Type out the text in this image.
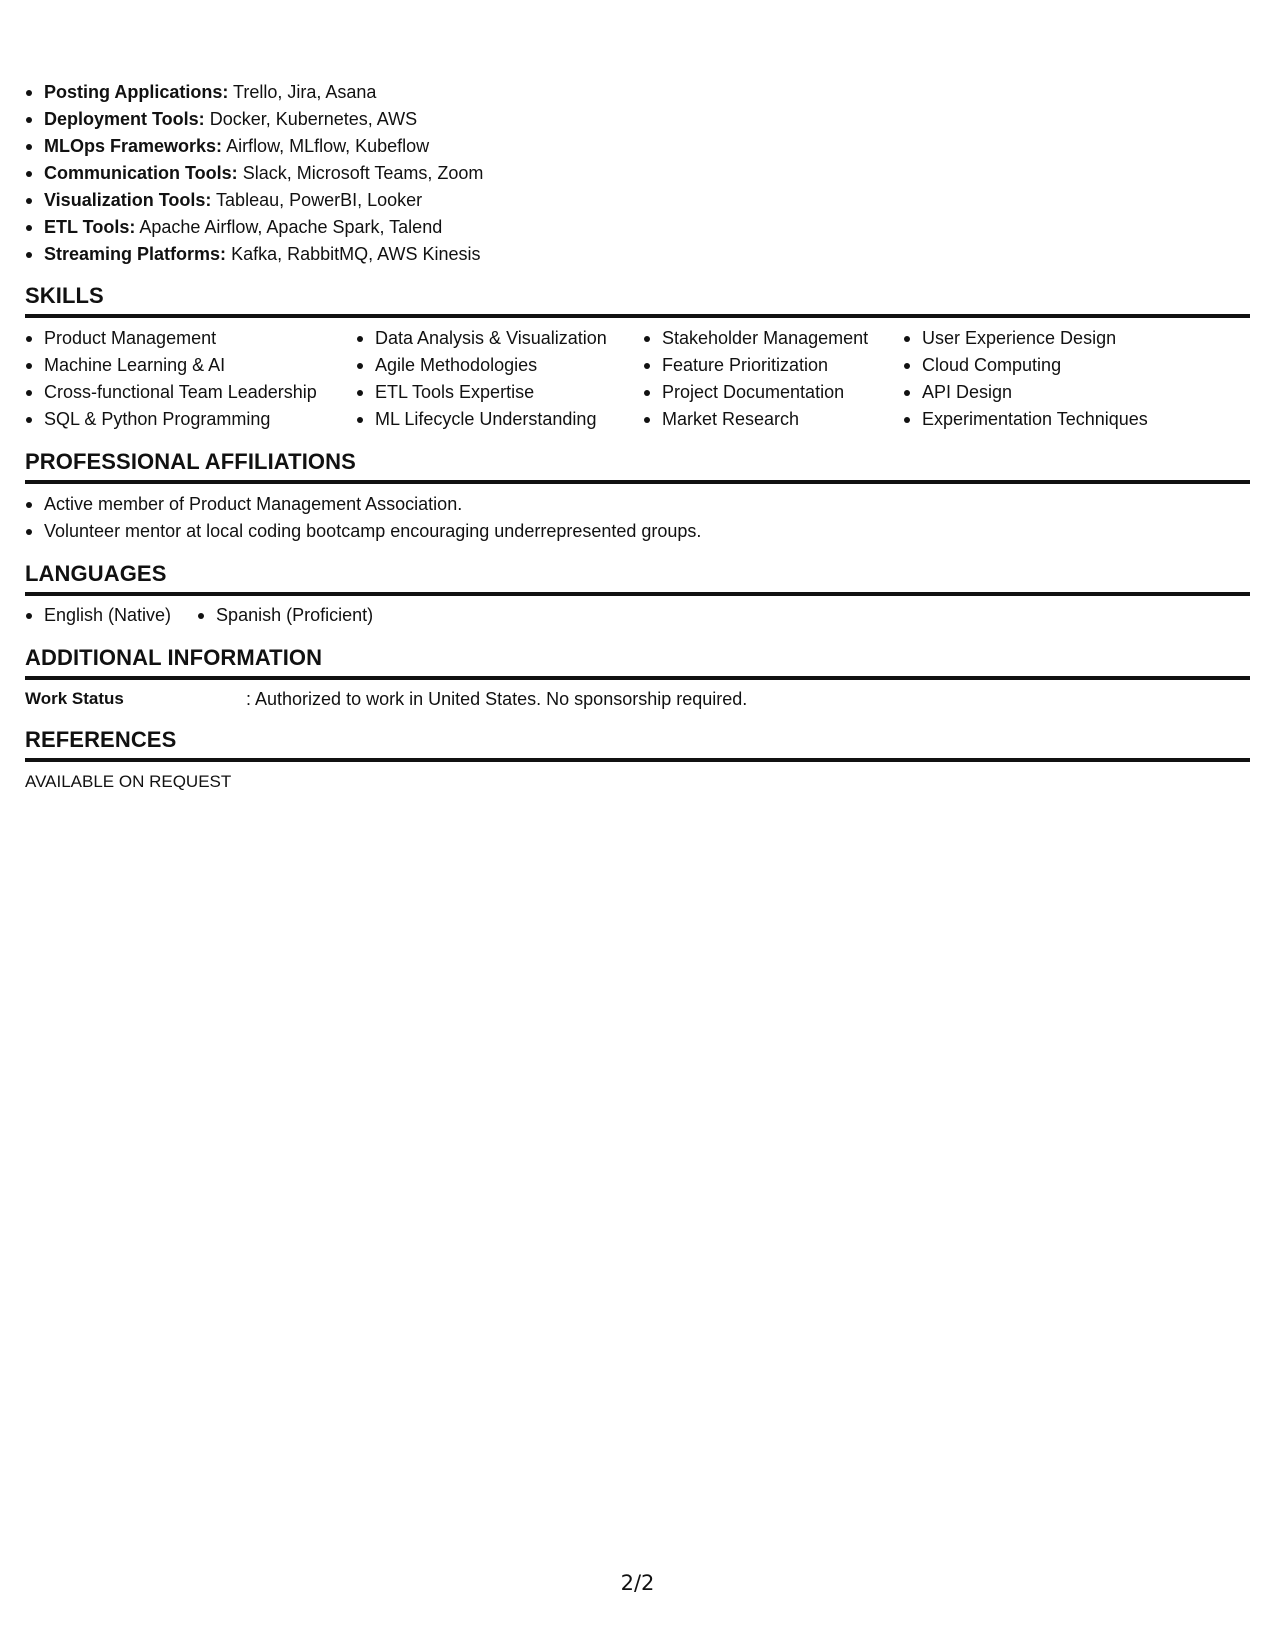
Posting Applications: Trello, Jira, Asana
Deployment Tools: Docker, Kubernetes, AWS
MLOps Frameworks: Airflow, MLflow, Kubeflow
Communication Tools: Slack, Microsoft Teams, Zoom
Visualization Tools: Tableau, PowerBI, Looker
ETL Tools: Apache Airflow, Apache Spark, Talend
Streaming Platforms: Kafka, RabbitMQ, AWS Kinesis
SKILLS
Product Management
Machine Learning & AI
Cross-functional Team Leadership
SQL & Python Programming
Data Analysis & Visualization
Agile Methodologies
ETL Tools Expertise
ML Lifecycle Understanding
Stakeholder Management
Feature Prioritization
Project Documentation
Market Research
User Experience Design
Cloud Computing
API Design
Experimentation Techniques
PROFESSIONAL AFFILIATIONS
Active member of Product Management Association.
Volunteer mentor at local coding bootcamp encouraging underrepresented groups.
LANGUAGES
English (Native)	Spanish (Proficient)
ADDITIONAL INFORMATION
Work Status	: Authorized to work in United States. No sponsorship required.
REFERENCES
AVAILABLE ON REQUEST
2/2
